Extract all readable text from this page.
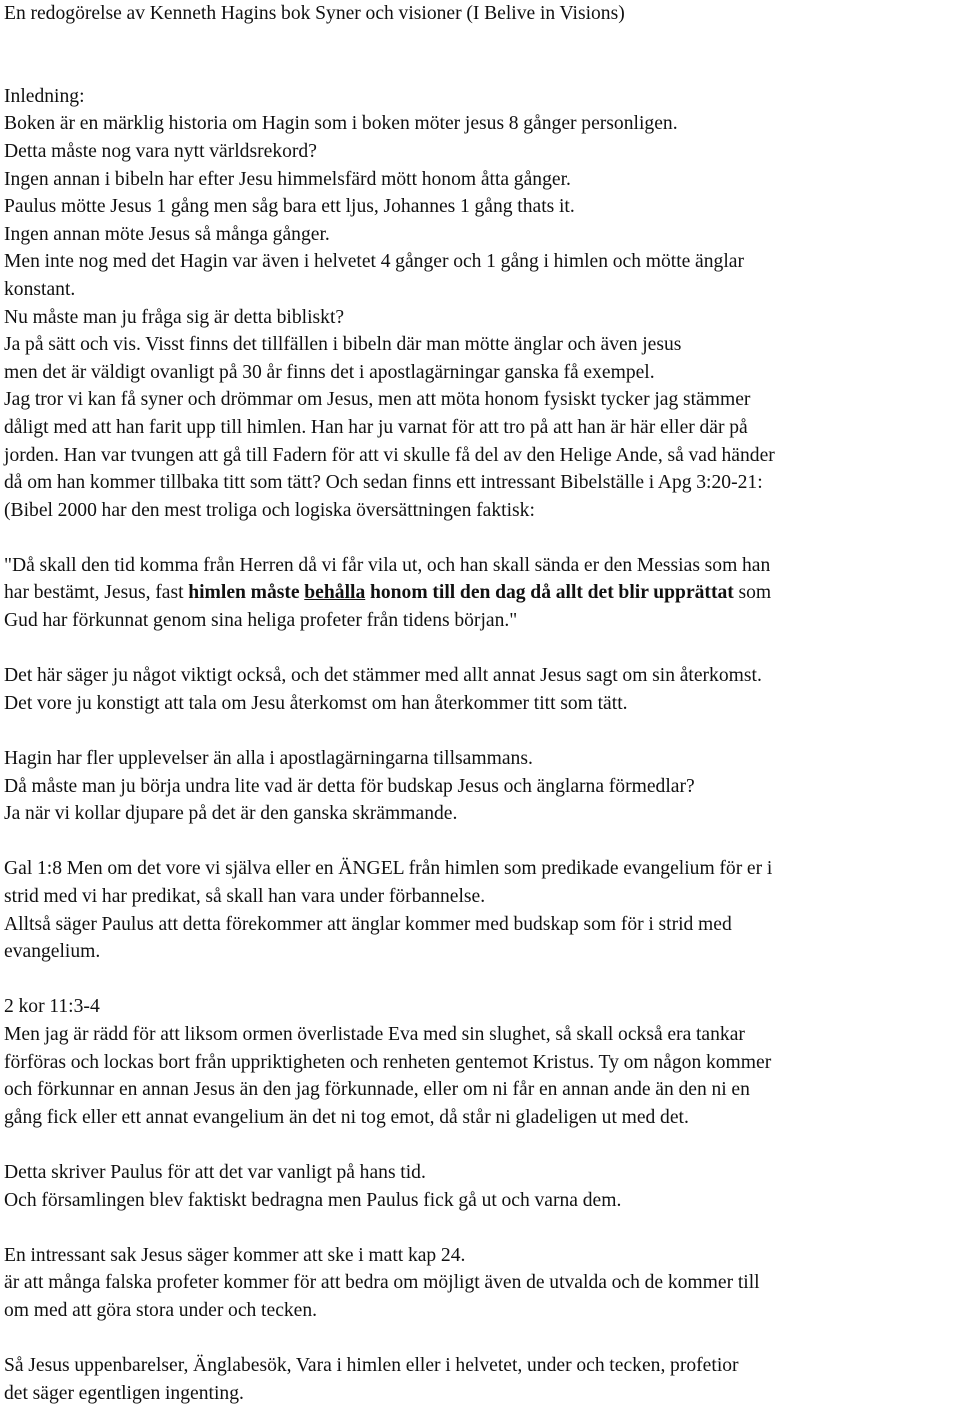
En redogörelse av Kenneth Hagins bok Syner och visioner (I Belive in Visions)
Inledning:
Boken är en märklig historia om Hagin som i boken möter jesus 8 gånger personligen.
Detta måste nog vara nytt världsrekord?
Ingen annan i bibeln har efter Jesu himmelsfärd mött honom åtta gånger.
Paulus mötte Jesus 1 gång men såg bara ett ljus, Johannes 1 gång thats it.
Ingen annan möte Jesus så många gånger.
Men inte nog med det Hagin var även i helvetet 4 gånger och 1 gång i himlen och mötte änglar
konstant.
Nu måste man ju fråga sig är detta bibliskt?
Ja på sätt och vis. Visst finns det tillfällen i bibeln där man mötte änglar och även jesus
men det är väldigt ovanligt på 30 år finns det i apostlagärningar ganska få exempel.
Jag tror vi kan få syner och drömmar om Jesus, men att möta honom fysiskt tycker jag stämmer
dåligt med att han farit upp till himlen. Han har ju varnat för att tro på att han är här eller där på
jorden. Han var tvungen att gå till Fadern för att vi skulle få del av den Helige Ande, så vad händer
då om han kommer tillbaka titt som tätt? Och sedan finns ett intressant Bibelställe i Apg 3:20-21:
(Bibel 2000 har den mest troliga och logiska översättningen faktisk:
"Då skall den tid komma från Herren då vi får vila ut, och han skall sända er den Messias som han
har bestämt, Jesus, fast himlen måste behålla honom till den dag då allt det blir upprättat som
Gud har förkunnat genom sina heliga profeter från tidens början."
Det här säger ju något viktigt också, och det stämmer med allt annat Jesus sagt om sin återkomst.
Det vore ju konstigt att tala om Jesu återkomst om han återkommer titt som tätt.
Hagin har fler upplevelser än alla i apostlagärningarna tillsammans.
Då måste man ju börja undra lite vad är detta för budskap Jesus och änglarna förmedlar?
Ja när vi kollar djupare på det är den ganska skrämmande.
Gal 1:8 Men om det vore vi själva eller en ÄNGEL från himlen som predikade evangelium för er i
strid med vi har predikat, så skall han vara under förbannelse.
Alltså säger Paulus att detta förekommer att änglar kommer med budskap som för i strid med
evangelium.
2 kor 11:3-4
Men jag är rädd för att liksom ormen överlistade Eva med sin slughet, så skall också era tankar
förföras och lockas bort från uppriktigheten och renheten gentemot Kristus. Ty om någon kommer
och förkunnar en annan Jesus än den jag förkunnade, eller om ni får en annan ande än den ni en
gång fick eller ett annat evangelium än det ni tog emot, då står ni gladeligen ut med det.
Detta skriver Paulus för att det var vanligt på hans tid.
Och församlingen blev faktiskt bedragna men Paulus fick gå ut och varna dem.
En intressant sak Jesus säger kommer att ske i matt kap 24.
är att många falska profeter kommer för att bedra om möjligt även de utvalda och de kommer till
om med att göra stora under och tecken.
Så Jesus uppenbarelser, Änglabesök, Vara i himlen eller i helvetet, under och tecken, profetior
det säger egentligen ingenting.
